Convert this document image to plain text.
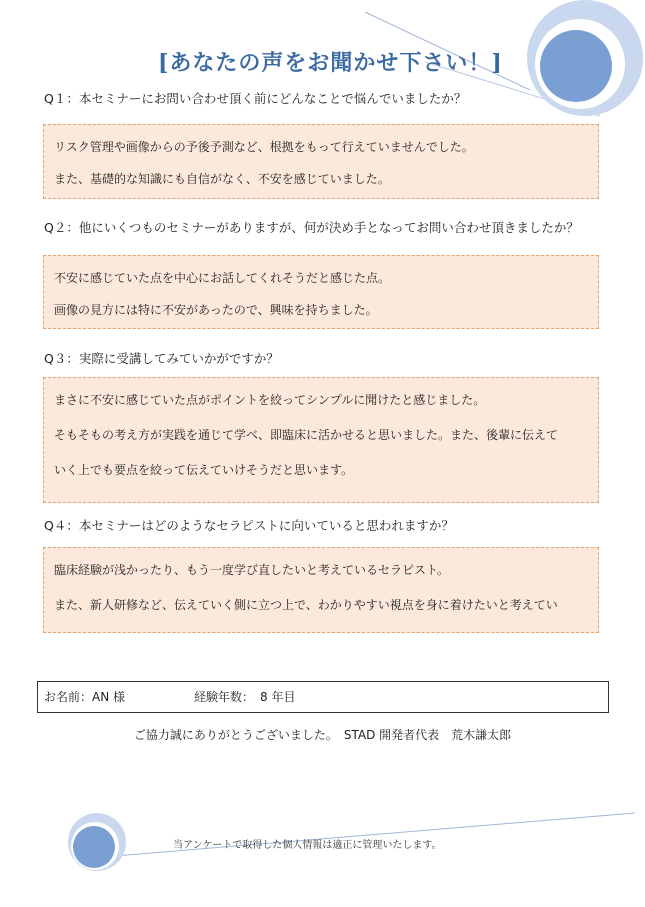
[あなたの声をお聞かせ下さい！]
Q１：本セミナーにお問い合わせ頂く前にどんなことで悩んでいましたか？

リスク管理や画像からの予後予測など、根拠をもって行えていませんでした。

また、基礎的な知識にも自信がなく、不安を感じていました。

Q２：他にいくつものセミナーがありますが、何が決め手となってお問い合わせ頂きましたか？

不安に感じていた点を中心にお話してくれそうだと感じた点。

画像の見方には特に不安があったので、興味を持ちました。

Q３：実際に受講してみていかがですか？

まさに不安に感じていた点がポイントを絞ってシンプルに聞けたと感じました。

そもそもの考え方が実践を通じて学べ、即臨床に活かせると思いました。また、後輩に伝えて

いく上でも要点を絞って伝えていけそうだと思います。

Q４：本セミナーはどのようなセラピストに向いていると思われますか？

臨床経験が浅かったり、もう一度学び直したいと考えているセラピスト。

また、新人研修など、伝えていく側に立つ上で、わかりやすい視点を身に着けたいと考えてい

お名前：AN 様	経験年数：　8 年目
ご協力誠にありがとうございました。　STAD 開発者代表　荒木謙太郎
当アンケートで取得した個人情報は適正に管理いたします。
